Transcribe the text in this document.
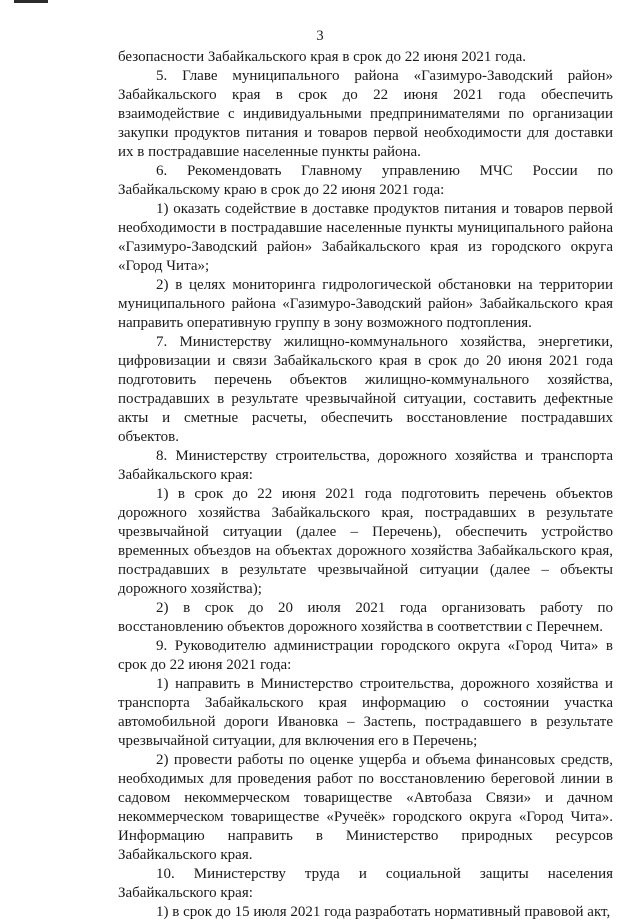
3

безопасности Забайкальского края в срок до 22 июня 2021 года.

5. Главе муниципального района «Газимуро-Заводский район» Забайкальского края в срок до 22 июня 2021 года обеспечить взаимодействие с индивидуальными предпринимателями по организации закупки продуктов питания и товаров первой необходимости для доставки их в пострадавшие населенные пункты района.

6. Рекомендовать Главному управлению МЧС России по Забайкальскому краю в срок до 22 июня 2021 года:

1) оказать содействие в доставке продуктов питания и товаров первой необходимости в пострадавшие населенные пункты муниципального района «Газимуро-Заводский район» Забайкальского края из городского округа «Город Чита»;

2) в целях мониторинга гидрологической обстановки на территории муниципального района «Газимуро-Заводский район» Забайкальского края направить оперативную группу в зону возможного подтопления.

7. Министерству жилищно-коммунального хозяйства, энергетики, цифровизации и связи Забайкальского края в срок до 20 июня 2021 года подготовить перечень объектов жилищно-коммунального хозяйства, пострадавших в результате чрезвычайной ситуации, составить дефектные акты и сметные расчеты, обеспечить восстановление пострадавших объектов.

8. Министерству строительства, дорожного хозяйства и транспорта Забайкальского края:

1) в срок до 22 июня 2021 года подготовить перечень объектов дорожного хозяйства Забайкальского края, пострадавших в результате чрезвычайной ситуации (далее – Перечень), обеспечить устройство временных объездов на объектах дорожного хозяйства Забайкальского края, пострадавших в результате чрезвычайной ситуации (далее – объекты дорожного хозяйства);

2) в срок до 20 июля 2021 года организовать работу по восстановлению объектов дорожного хозяйства в соответствии с Перечнем.

9. Руководителю администрации городского округа «Город Чита» в срок до 22 июня 2021 года:

1) направить в Министерство строительства, дорожного хозяйства и транспорта Забайкальского края информацию о состоянии участка автомобильной дороги Ивановка – Застепь, пострадавшего в результате чрезвычайной ситуации, для включения его в Перечень;

2) провести работы по оценке ущерба и объема финансовых средств, необходимых для проведения работ по восстановлению береговой линии в садовом некоммерческом товариществе «Автобаза Связи» и дачном некоммерческом товариществе «Ручеёк» городского округа «Город Чита». Информацию направить в Министерство природных ресурсов Забайкальского края.

10. Министерству труда и социальной защиты населения Забайкальского края:

1) в срок до 15 июля 2021 года разработать нормативный правовой акт,
